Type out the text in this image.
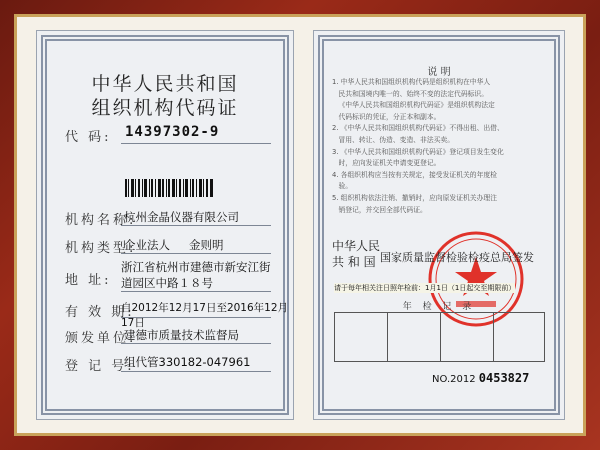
中华人民共和国
组织机构代码证
代 码: 14397302-9
机构名称:
杭州金晶仪器有限公司
机构类型:
企业法人 金则明
地 址:
浙江省杭州市建德市新安江街
道园区中路１８号
有 效 期:
自2012年12月17日至2016年12月17日
颁发单位:
建德市质量技术监督局
登 记 号:
组代管330182-047961
说 明
1. 中华人民共和国组织机构代码是组织机构在中华人
民共和国境内唯一的、始终不变的法定代码标识。
《中华人民共和国组织机构代码证》是组织机构法定
代码标识的凭证，分正本和副本。
2. 《中华人民共和国组织机构代码证》不得出租、出借、
冒用、转让、伪造、变造、非法买卖。
3. 《中华人民共和国组织机构代码证》登记项目发生变化
时，应向发证机关申请变更登记。
4. 各组织机构应当按有关规定，接受发证机关的年度检
验。
5. 组织机构依法注销、撤销时，应向原发证机关办理注
销登记，并交回全部代码证。
中华人民
共 和 国 国家质量监督检验检疫总局签发
请于每年相关注日照年检前：1月1日（1日起交至期限前）
年 检 记 录
NO.2012 0453827
